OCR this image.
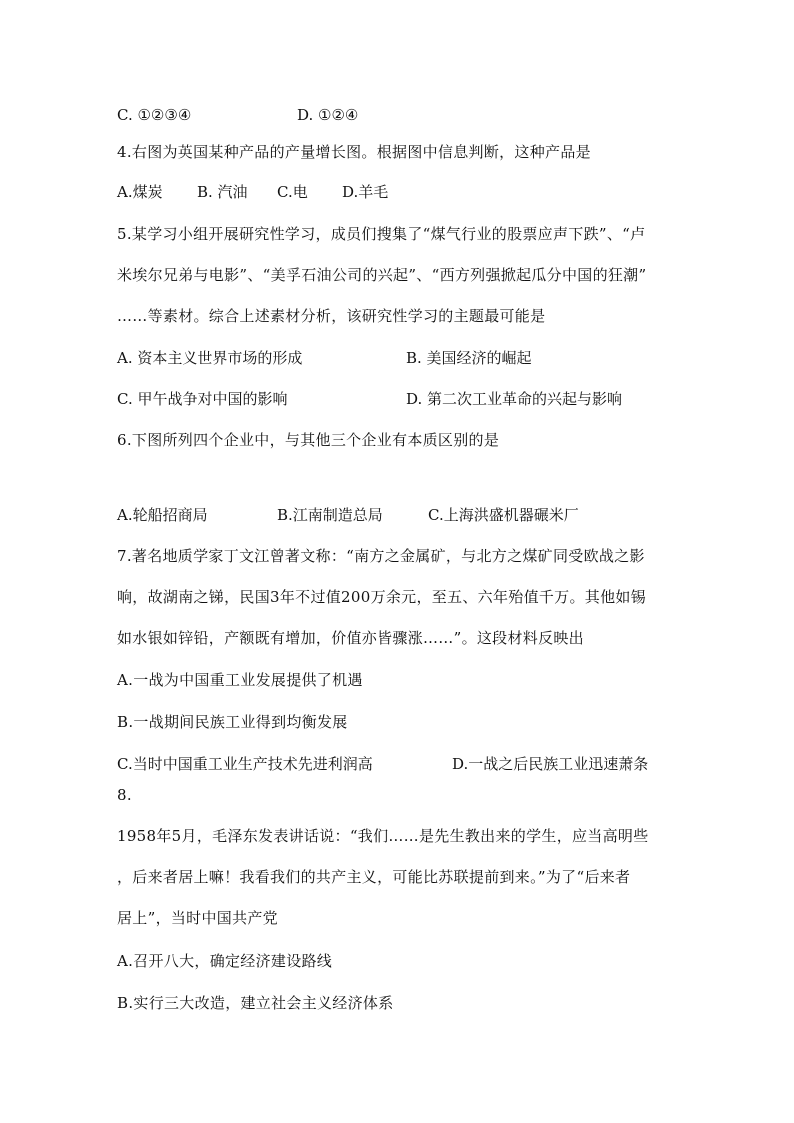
C. ①②③④	D. ①②④
4.右图为英国某种产品的产量增长图。根据图中信息判断，这种产品是
A.煤炭 B. 汽油 C.电 D.羊毛
5.某学习小组开展研究性学习，成员们搜集了“煤气行业的股票应声下跌”、“卢
米埃尔兄弟与电影”、“美孚石油公司的兴起”、“西方列强掀起瓜分中国的狂潮”
……等素材。综合上述素材分析，该研究性学习的主题最可能是
A. 资本主义世界市场的形成	B. 美国经济的崛起
C. 甲午战争对中国的影响	D. 第二次工业革命的兴起与影响
6.下图所列四个企业中，与其他三个企业有本质区别的是
A.轮船招商局	B.江南制造总局	C.上海洪盛机器碾米厂
7.著名地质学家丁文江曾著文称：“南方之金属矿，与北方之煤矿同受欧战之影
响，故湖南之锑，民国3年不过值200万余元，至五、六年殆值千万。其他如锡
如水银如锌铅，产额既有增加，价值亦皆骤涨……”。这段材料反映出
A.一战为中国重工业发展提供了机遇
B.一战期间民族工业得到均衡发展
C.当时中国重工业生产技术先进利润高	D.一战之后民族工业迅速萧条
8.
1958年5月，毛泽东发表讲话说：“我们……是先生教出来的学生，应当高明些
，后来者居上嘛！我看我们的共产主义，可能比苏联提前到来。”为了“后来者
居上”，当时中国共产党
A.召开八大，确定经济建设路线
B.实行三大改造，建立社会主义经济体系
